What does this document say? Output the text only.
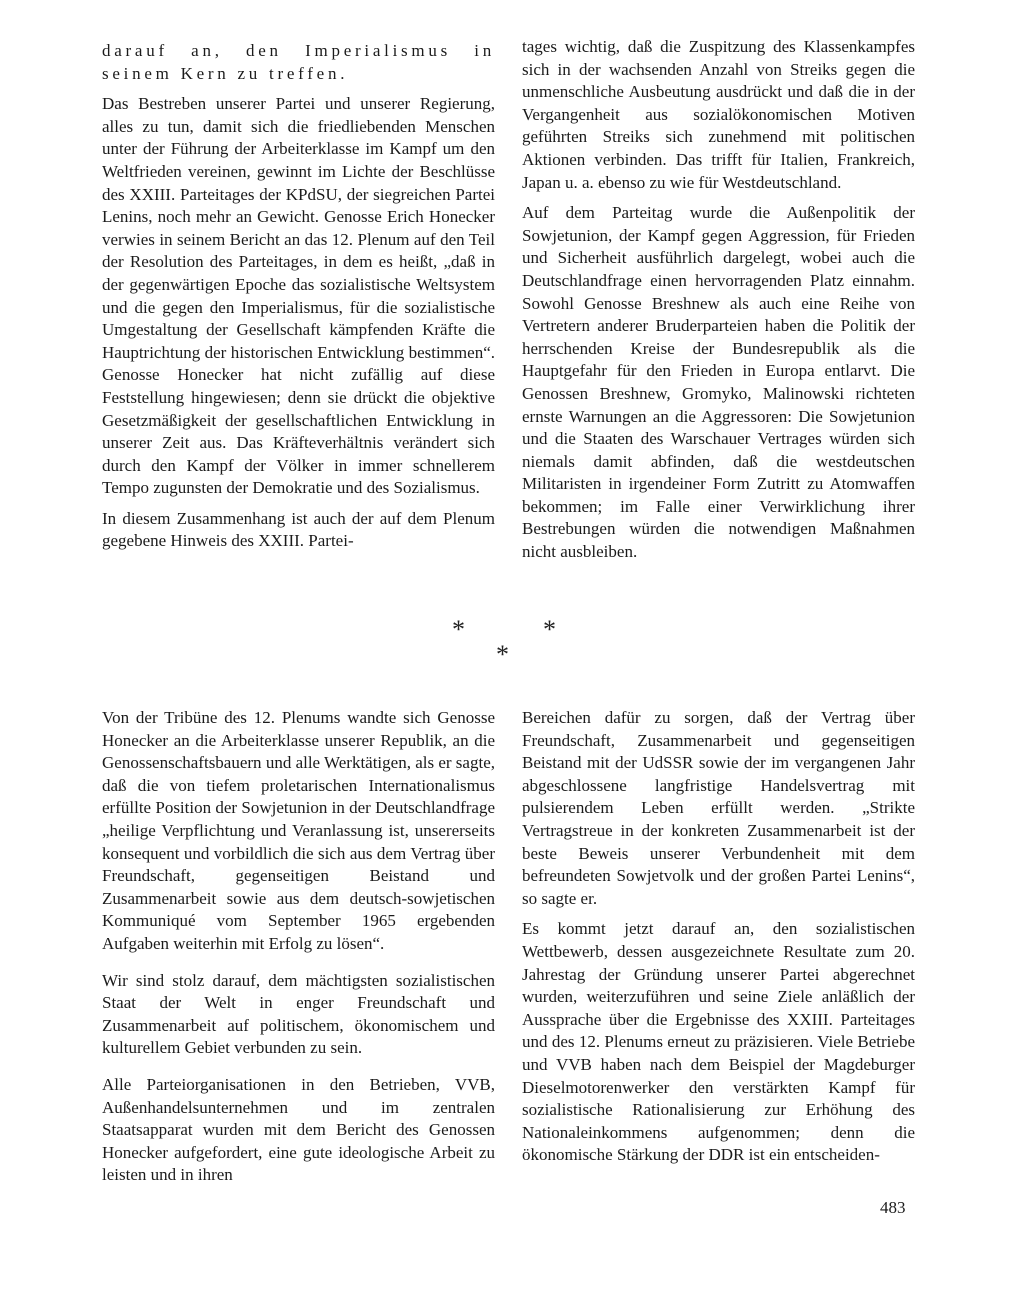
darauf an, den Imperialismus in seinem Kern zu treffen.

Das Bestreben unserer Partei und unserer Regierung, alles zu tun, damit sich die friedliebenden Menschen unter der Führung der Arbeiterklasse im Kampf um den Weltfrieden vereinen, gewinnt im Lichte der Beschlüsse des XXIII. Parteitages der KPdSU, der siegreichen Partei Lenins, noch mehr an Gewicht. Genosse Erich Honecker verwies in seinem Bericht an das 12. Plenum auf den Teil der Resolution des Parteitages, in dem es heißt, „daß in der gegenwärtigen Epoche das sozialistische Weltsystem und die gegen den Imperialismus, für die sozialistische Umgestaltung der Gesellschaft kämpfenden Kräfte die Hauptrichtung der historischen Entwicklung bestimmen“. Genosse Honecker hat nicht zufällig auf diese Feststellung hingewiesen; denn sie drückt die objektive Gesetzmäßigkeit der gesellschaftlichen Entwicklung in unserer Zeit aus. Das Kräfteverhältnis verändert sich durch den Kampf der Völker in immer schnellerem Tempo zugunsten der Demokratie und des Sozialismus.

In diesem Zusammenhang ist auch der auf dem Plenum gegebene Hinweis des XXIII. Partei-

tages wichtig, daß die Zuspitzung des Klassenkampfes sich in der wachsenden Anzahl von Streiks gegen die unmenschliche Ausbeutung ausdrückt und daß die in der Vergangenheit aus sozialökonomischen Motiven geführten Streiks sich zunehmend mit politischen Aktionen verbinden. Das trifft für Italien, Frankreich, Japan u. a. ebenso zu wie für Westdeutschland.

Auf dem Parteitag wurde die Außenpolitik der Sowjetunion, der Kampf gegen Aggression, für Frieden und Sicherheit ausführlich dargelegt, wobei auch die Deutschlandfrage einen hervorragenden Platz einnahm. Sowohl Genosse Breshnew als auch eine Reihe von Vertretern anderer Bruderparteien haben die Politik der herrschenden Kreise der Bundesrepublik als die Hauptgefahr für den Frieden in Europa entlarvt. Die Genossen Breshnew, Gromyko, Malinowski richteten ernste Warnungen an die Aggressoren: Die Sowjetunion und die Staaten des Warschauer Vertrages würden sich niemals damit abfinden, daß die westdeutschen Militaristen in irgendeiner Form Zutritt zu Atomwaffen bekommen; im Falle einer Verwirklichung ihrer Bestrebungen würden die notwendigen Maßnahmen nicht ausbleiben.

*	*
*

Von der Tribüne des 12. Plenums wandte sich Genosse Honecker an die Arbeiterklasse unserer Republik, an die Genossenschaftsbauern und alle Werktätigen, als er sagte, daß die von tiefem proletarischen Internationalismus erfüllte Position der Sowjetunion in der Deutschlandfrage „heilige Verpflichtung und Veranlassung ist, unsererseits konsequent und vorbildlich die sich aus dem Vertrag über Freundschaft, gegenseitigen Beistand und Zusammenarbeit sowie aus dem deutsch-sowjetischen Kommuniqué vom September 1965 ergebenden Aufgaben weiterhin mit Erfolg zu lösen“.

Wir sind stolz darauf, dem mächtigsten sozialistischen Staat der Welt in enger Freundschaft und Zusammenarbeit auf politischem, ökonomischem und kulturellem Gebiet verbunden zu sein.

Alle Parteiorganisationen in den Betrieben, VVB, Außenhandelsunternehmen und im zentralen Staatsapparat wurden mit dem Bericht des Genossen Honecker aufgefordert, eine gute ideologische Arbeit zu leisten und in ihren

Bereichen dafür zu sorgen, daß der Vertrag über Freundschaft, Zusammenarbeit und gegenseitigen Beistand mit der UdSSR sowie der im vergangenen Jahr abgeschlossene langfristige Handelsvertrag mit pulsierendem Leben erfüllt werden. „Strikte Vertragstreue in der konkreten Zusammenarbeit ist der beste Beweis unserer Verbundenheit mit dem befreundeten Sowjetvolk und der großen Partei Lenins“, so sagte er.

Es kommt jetzt darauf an, den sozialistischen Wettbewerb, dessen ausgezeichnete Resultate zum 20. Jahrestag der Gründung unserer Partei abgerechnet wurden, weiterzuführen und seine Ziele anläßlich der Aussprache über die Ergebnisse des XXIII. Parteitages und des 12. Plenums erneut zu präzisieren. Viele Betriebe und VVB haben nach dem Beispiel der Magdeburger Dieselmotorenwerker den verstärkten Kampf für sozialistische Rationalisierung zur Erhöhung des Nationaleinkommens aufgenommen; denn die ökonomische Stärkung der DDR ist ein entscheiden-

483
